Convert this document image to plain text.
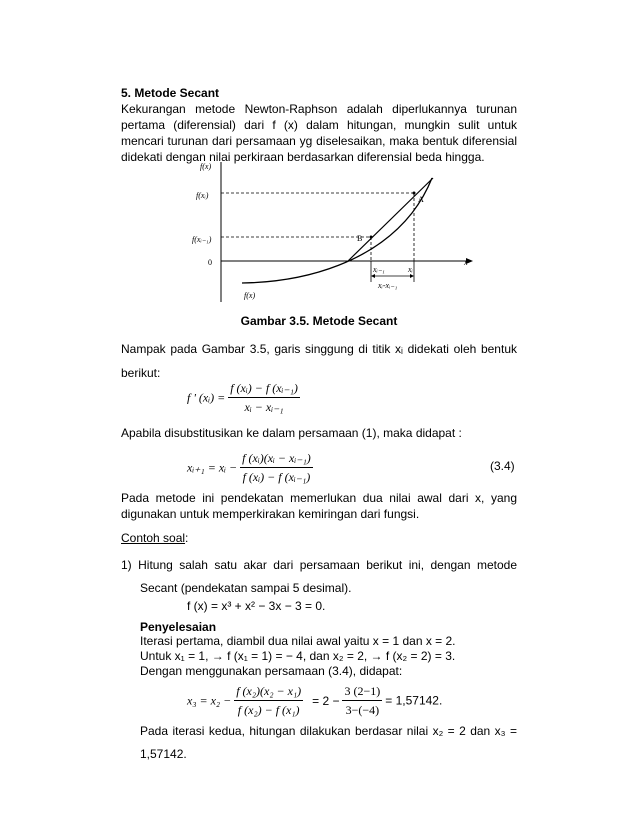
5. Metode Secant
Kekurangan metode Newton-Raphson adalah diperlukannya turunan
pertama (diferensial) dari f (x) dalam hitungan, mungkin sulit untuk
mencari turunan dari persamaan yg diselesaikan, maka bentuk diferensial
didekati dengan nilai perkiraan berdasarkan diferensial beda hingga.
f(x)
x
f(xᵢ)
f(xᵢ₋₁)
0
A
B
xᵢ₋₁	xᵢ
xᵢ-xᵢ₋₁
f(x)
Gambar 3.5. Metode Secant
Nampak pada Gambar 3.5, garis singgung di titik xᵢ didekati oleh bentuk
berikut:
f ' (xᵢ) = $\frac{\text{f (xᵢ) − f (xᵢ₋₁)}}{\text{xᵢ − xᵢ₋₁}}$
Apabila disubstitusikan ke dalam persamaan (1), maka didapat :
xᵢ₊₁ = xᵢ − $\frac{\text{f (xᵢ)(xᵢ − xᵢ₋₁)}}{\text{f (xᵢ) − f (xᵢ₋₁)}}$	(3.4)
Pada metode ini pendekatan memerlukan dua nilai awal dari x, yang
digunakan untuk memperkirakan kemiringan dari fungsi.
Contoh soal:
1) Hitung salah satu akar dari persamaan berikut ini, dengan metode
Secant (pendekatan sampai 5 desimal).
f (x) = x³ + x² − 3x − 3 = 0.
Penyelesaian
Iterasi pertama, diambil dua nilai awal yaitu x = 1 dan x = 2.
Untuk x₁ = 1, → f (x₁ = 1) = − 4, dan x₂ = 2, → f (x₂ = 2) = 3.
Dengan menggunakan persamaan (3.4), didapat:
$x_3 = x_2 - \frac{\text{f (x₂)(x₂ − x₁)}}{\text{f (x₂) − f (x₁)}} = 2 - \frac{3 (2-1)}{3-(-4)} = 1,57142$.
Pada iterasi kedua, hitungan dilakukan berdasar nilai x₂ = 2 dan x₃ =
1,57142.
